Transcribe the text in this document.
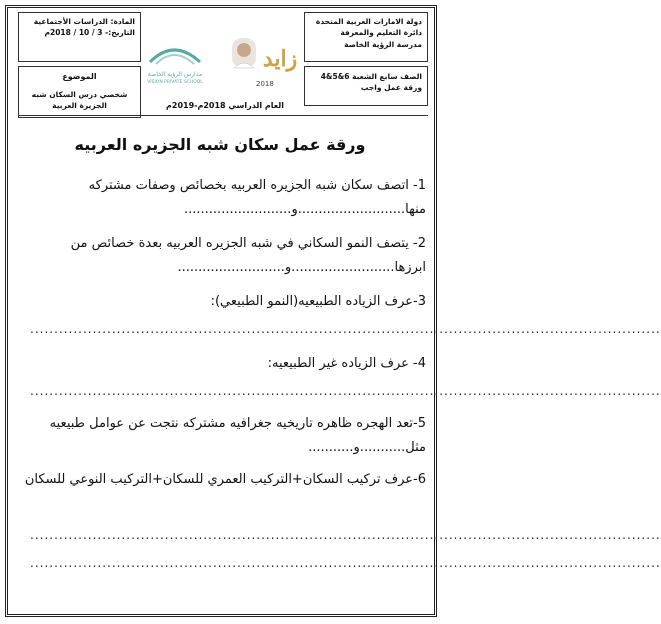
دولة الامارات العربية المتحدة
دائرة التعليم والمعرفة
مدرسة الرؤية الخاصة
الصف سابع الشعبة 6&5&4
ورقة عمل واجب
المادة: الدراسات الأجتماعية
التاريخ:- 3 / 10 / 2018م
الموضوع
شخصي درس السكان شبه الجزيرة العربية
مدارس الرؤية الخاصة
VISION PRIVATE SCHOOL
زايد
2018
العام الدراسي 2018م-2019م
ورقة عمل سكان شبه الجزيره العربيه
1- اتصف سكان شبه الجزيره العربيه بخصائص وصفات مشتركه منها..........................و..........................
2- يتصف النمو السكاني في شبه الجزيره العربيه بعدة خصائص من ابرزها.........................و..........................
3-عرف الزياده الطبيعيه(النمو الطبيعي):
...................................................................................................................................
4- عرف الزياده غير الطبيعيه:
...................................................................................................................................
5-تعد الهجره ظاهره تاريخيه جغرافيه مشتركه نتجت عن عوامل طبيعيه مثل...........و...........
6-عرف تركيب السكان+التركيب العمري للسكان+التركيب النوعي للسكان
...................................................................................................................................
...................................................................................................................................
